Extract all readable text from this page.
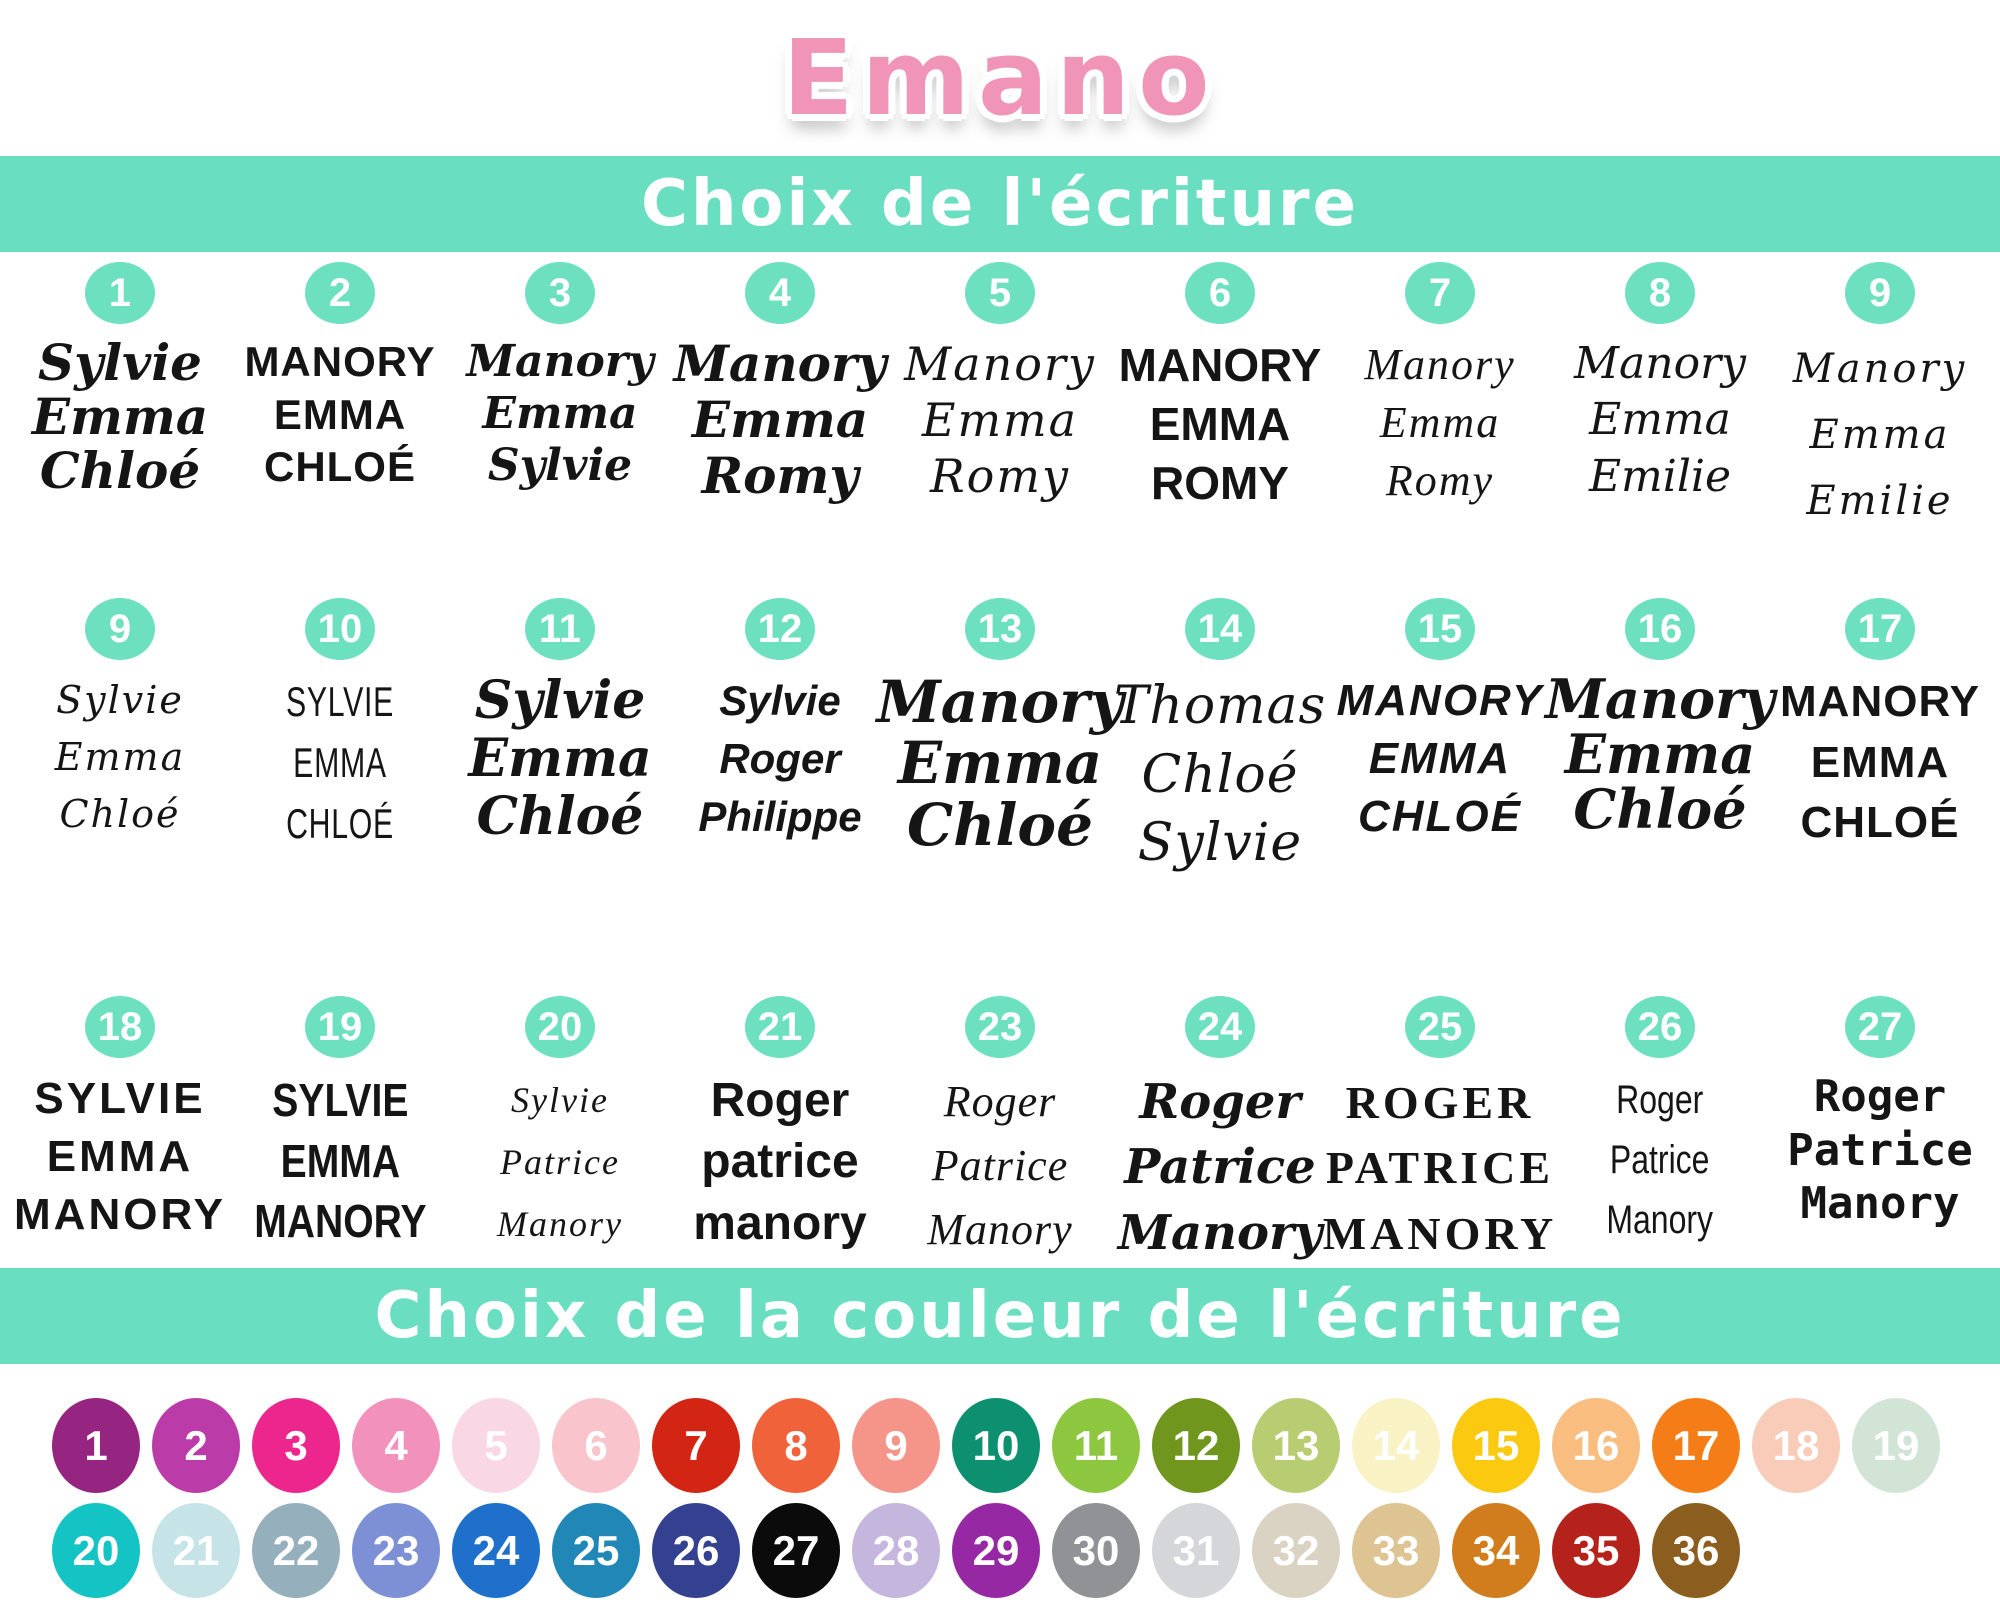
Emano
Choix de l'écriture
1
Sylvie
Emma
Chloé
2
MANORY
EMMA
CHLOÉ
3
Manory
Emma
Sylvie
4
Manory
Emma
Romy
5
Manory
Emma
Romy
6
MANORY
EMMA
ROMY
7
Manory
Emma
Romy
8
Manory
Emma
Emilie
9
Manory
Emma
Emilie
9
Sylvie
Emma
Chloé
10
SYLVIE
EMMA
CHLOÉ
11
Sylvie
Emma
Chloé
12
Sylvie
Roger
Philippe
13
Manory
Emma
Chloé
14
Thomas
Chloé
Sylvie
15
MANORY
EMMA
CHLOÉ
16
Manory
Emma
Chloé
17
MANORY
EMMA
CHLOÉ
18
SYLVIE
EMMA
MANORY
19
SYLVIE
EMMA
MANORY
20
Sylvie
Patrice
Manory
21
Roger
patrice
manory
23
Roger
Patrice
Manory
24
Roger
Patrice
Manory
25
ROGER
PATRICE
MANORY
26
Roger
Patrice
Manory
27
Roger
Patrice
Manory
Choix de la couleur de l'écriture
1 2 3 4 5 6 7 8 9 10 11 12 13 14 15 16 17 18 19
20 21 22 23 24 25 26 27 28 29 30 31 32 33 34 35 36
